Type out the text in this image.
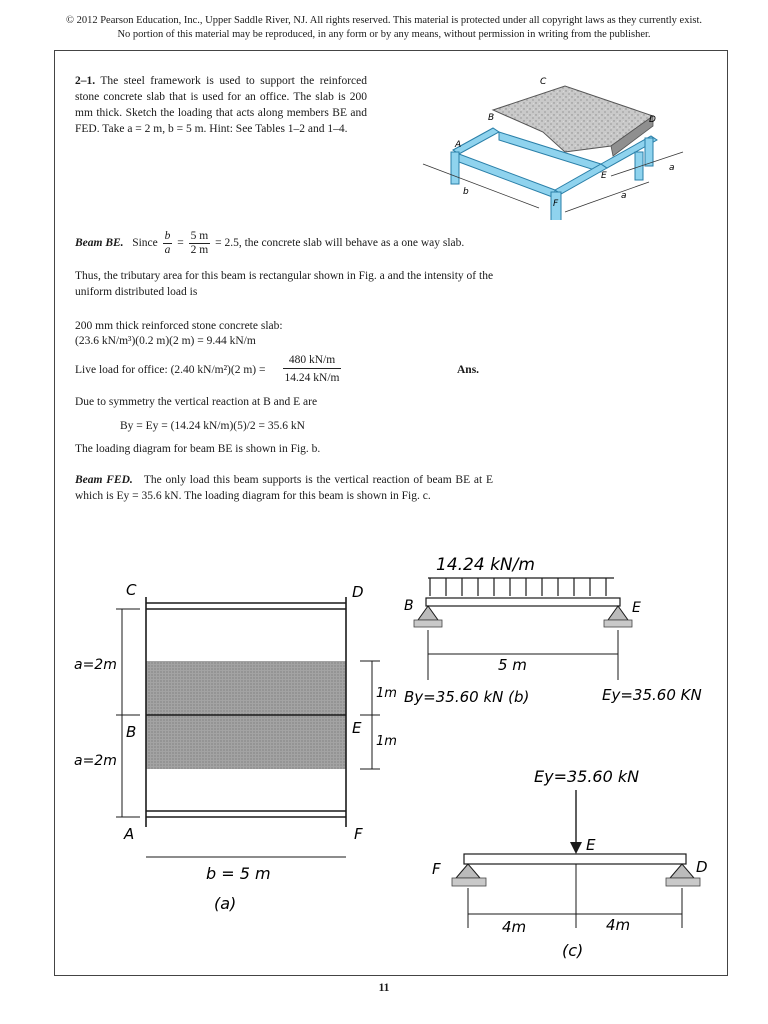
© 2012 Pearson Education, Inc., Upper Saddle River, NJ. All rights reserved. This material is protected under all copyright laws as they currently exist. No portion of this material may be reproduced, in any form or by any means, without permission in writing from the publisher.
2–1. The steel framework is used to support the reinforced stone concrete slab that is used for an office. The slab is 200 mm thick. Sketch the loading that acts along members BE and FED. Take a = 2 m, b = 5 m. Hint: See Tables 1–2 and 1–4.
A
B
C
D
E
F
a
a
b
Beam BE. Since $\frac{b}{a} = \frac{5 m}{2 m} = 2.5$, the concrete slab will behave as a one way slab.
Thus, the tributary area for this beam is rectangular shown in Fig. a and the intensity of the uniform distributed load is
200 mm thick reinforced stone concrete slab:
(23.6 kN/m³)(0.2 m)(2 m) = 9.44 kN/m
Live load for office: (2.40 kN/m²)(2 m) =
480 kN/m
14.24 kN/m
Ans.
Due to symmetry the vertical reaction at B and E are
By = Ey = (14.24 kN/m)(5)/2 = 35.6 kN
The loading diagram for beam BE is shown in Fig. b.
Beam FED. The only load this beam supports is the vertical reaction of beam BE at E which is Ey = 35.6 kN. The loading diagram for this beam is shown in Fig. c.
C	D
B	E
A	F
a=2m
a=2m
1m
1m
b = 5 m
(a)
14.24 kN/m
B	E
5 m
By=35.60 kN (b)	Ey=35.60 KN
Ey=35.60 kN
E
F	D
4m	4m
(c)
11
